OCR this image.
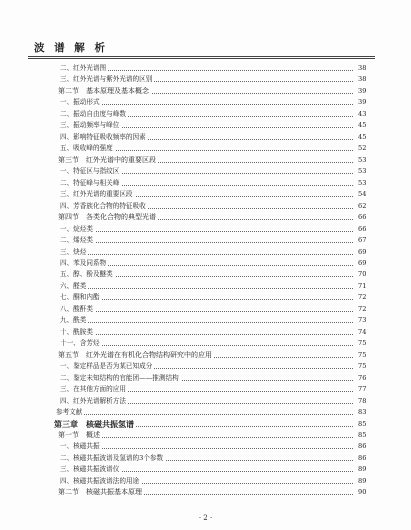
波 谱 解 析
二、红外光谱图	38
三、红外光谱与紫外光谱的区别	38
第二节　基本原理及基本概念	39
一、振动形式	39
二、振动自由度与峰数	43
三、振动频率与峰位	45
四、影响特征吸收频率的因素	45
五、吸收峰的强度	52
第三节　红外光谱中的重要区段	53
一、特征区与指纹区	53
二、特征峰与相关峰	53
三、红外光谱的重要区段	54
四、芳香族化合物的特征吸收	62
第四节　各类化合物的典型光谱	66
一、烷烃类	66
二、烯烃类	67
三、炔烃	69
四、苯及同系物	69
五、醇、酚及醚类	70
六、醛类	71
七、酮和内酯	72
八、酸酐类	72
九、酰类	73
十、酰胺类	74
十一、含芳烃	75
第五节　红外光谱在有机化合物结构研究中的应用	75
一、鉴定样品是否为某已知成分	75
二、鉴定未知结构的官能团——推测结构	76
三、在其他方面的应用	77
四、红外光谱解析方法	78
参考文献	83
第三章　核磁共振氢谱	85
第一节　概述	85
一、核磁共振	86
二、核磁共振波谱及氢谱的3个参数	86
三、核磁共振波谱仪	89
四、核磁共振波谱法的用途	89
第二节　核磁共振基本原理	90
· 2 ·
